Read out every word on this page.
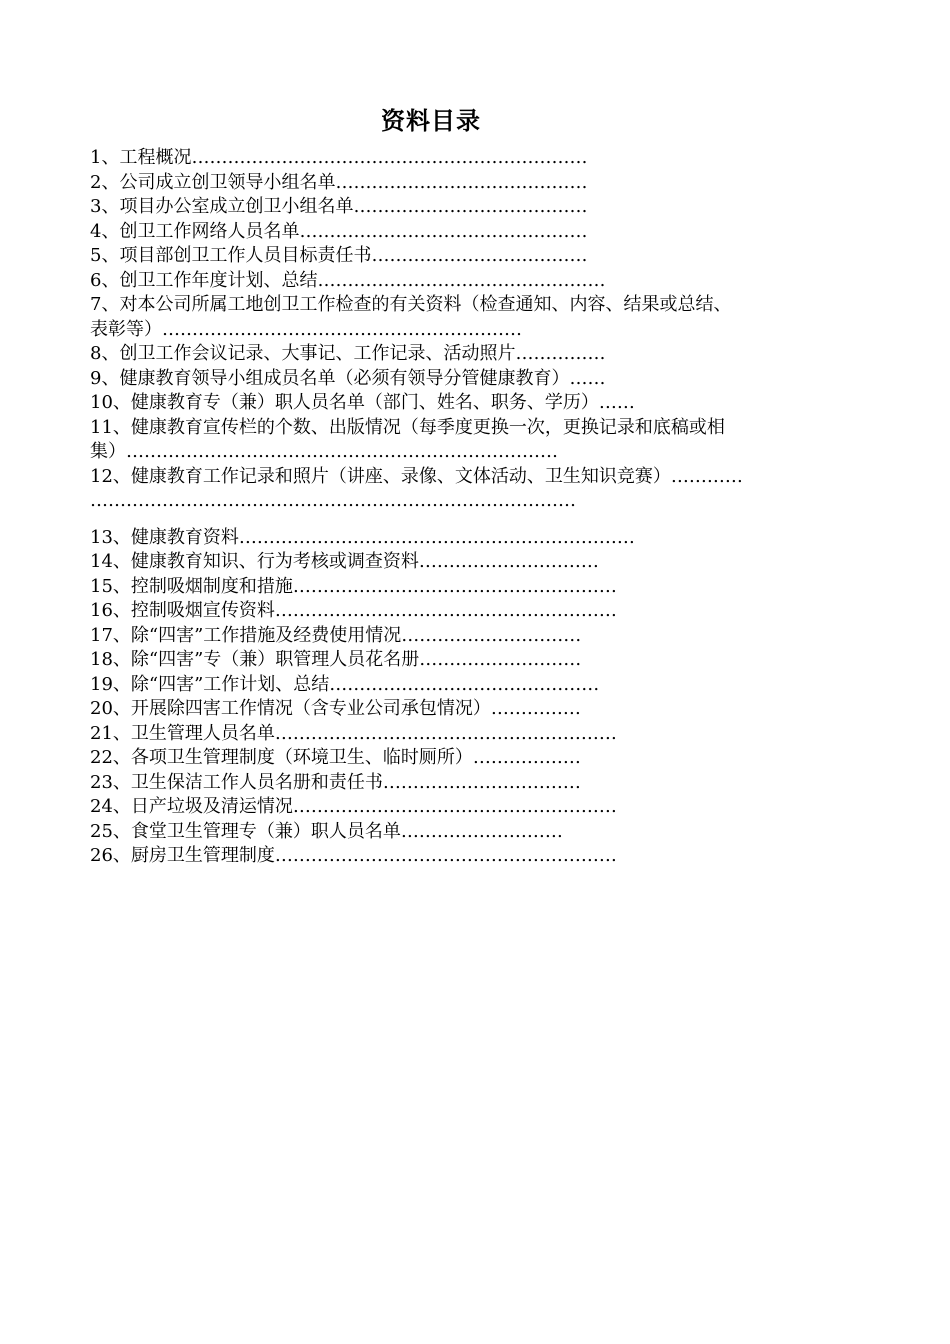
资料目录
1、工程概况…………………………………………………………
2、公司成立创卫领导小组名单……………………………………
3、项目办公室成立创卫小组名单…………………………………
4、创卫工作网络人员名单…………………………………………
5、项目部创卫工作人员目标责任书………………………………
6、创卫工作年度计划、总结…………………………………………
7、对本公司所属工地创卫工作检查的有关资料（检查通知、内容、结果或总结、
表彰等）……………………………………………………
8、创卫工作会议记录、大事记、工作记录、活动照片……………
9、健康教育领导小组成员名单（必须有领导分管健康教育）……
10、健康教育专（兼）职人员名单（部门、姓名、职务、学历）……
11、健康教育宣传栏的个数、出版情况（每季度更换一次，更换记录和底稿或相
集）………………………………………………………………
12、健康教育工作记录和照片（讲座、录像、文体活动、卫生知识竞赛）…………
………………………………………………………………………
13、健康教育资料…………………………………………………………
14、健康教育知识、行为考核或调查资料…………………………
15、控制吸烟制度和措施………………………………………………
16、控制吸烟宣传资料…………………………………………………
17、除“四害”工作措施及经费使用情况…………………………
18、除“四害”专（兼）职管理人员花名册………………………
19、除“四害”工作计划、总结………………………………………
20、开展除四害工作情况（含专业公司承包情况）……………
21、卫生管理人员名单…………………………………………………
22、各项卫生管理制度（环境卫生、临时厕所）………………
23、卫生保洁工作人员名册和责任书……………………………
24、日产垃圾及清运情况………………………………………………
25、食堂卫生管理专（兼）职人员名单………………………
26、厨房卫生管理制度…………………………………………………
